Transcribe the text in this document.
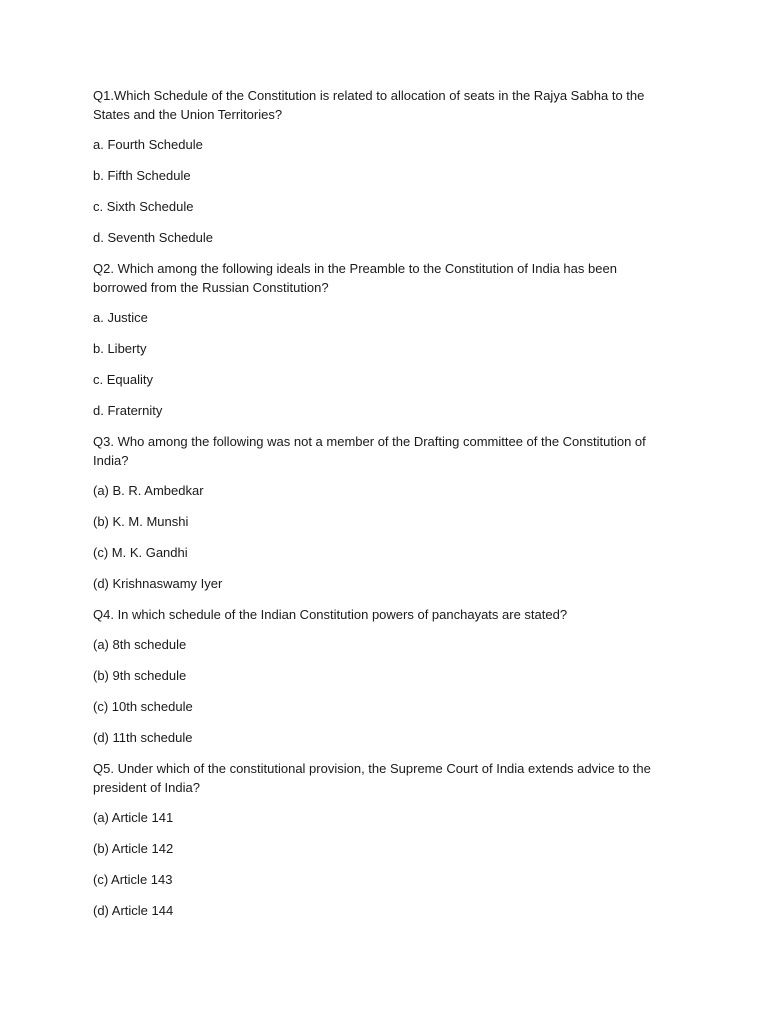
Q1.Which Schedule of the Constitution is related to allocation of seats in the Rajya Sabha to the States and the Union Territories?

a. Fourth Schedule

b. Fifth Schedule

c. Sixth Schedule

d. Seventh Schedule

Q2. Which among the following ideals in the Preamble to the Constitution of India has been borrowed from the Russian Constitution?

a. Justice

b. Liberty

c. Equality

d. Fraternity

Q3. Who among the following was not a member of the Drafting committee of the Constitution of India?

(a) B. R. Ambedkar

(b) K. M. Munshi

(c) M. K. Gandhi

(d) Krishnaswamy Iyer

Q4. In which schedule of the Indian Constitution powers of panchayats are stated?

(a) 8th schedule

(b) 9th schedule

(c) 10th schedule

(d) 11th schedule

Q5. Under which of the constitutional provision, the Supreme Court of India extends advice to the president of India?

(a) Article 141

(b) Article 142

(c) Article 143

(d) Article 144
